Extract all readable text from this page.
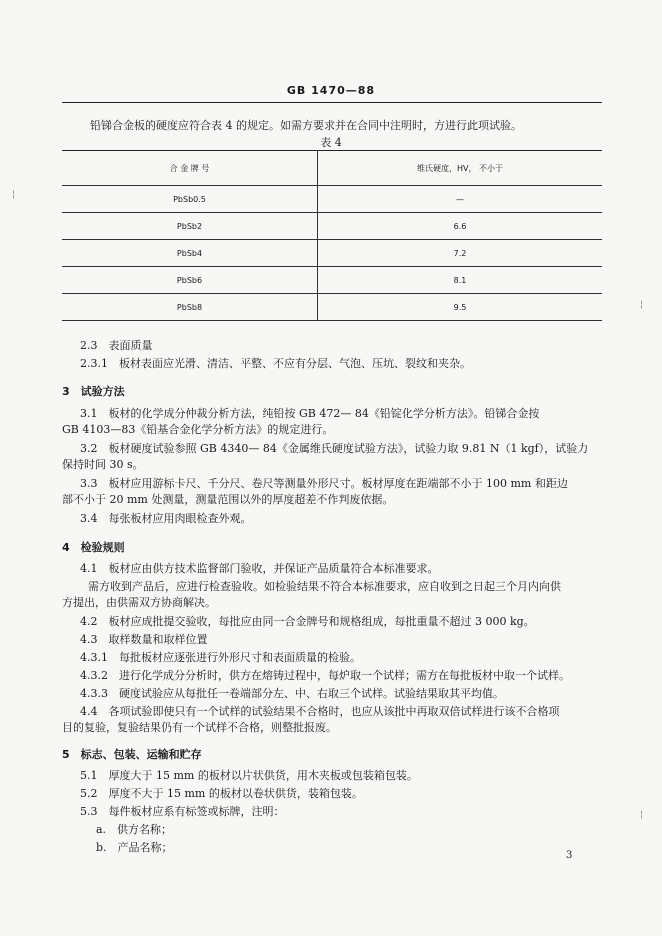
GB 1470—88
铅锑合金板的硬度应符合表 4 的规定。如需方要求并在合同中注明时，方进行此项试验。
表 4
合 金 牌 号	维氏硬度，HV， 不小于
PbSb0.5	—
PbSb2	6.6
PbSb4	7.2
PbSb6	8.1
PbSb8	9.5
2.3　表面质量
2.3.1　板材表面应光滑、清洁、平整、不应有分层、气泡、压坑、裂纹和夹杂。
3　试验方法
3.1　板材的化学成分仲裁分析方法，纯铅按 GB 472— 84《铅锭化学分析方法》。铅锑合金按
GB 4103—83《铅基合金化学分析方法》的规定进行。
3.2　板材硬度试验参照 GB 4340— 84《金属维氏硬度试验方法》，试验力取 9.81 N（1 kgf），试验力
保持时间 30 s。
3.3　板材应用游标卡尺、千分尺、卷尺等测量外形尺寸。板材厚度在距端部不小于 100 mm 和距边
部不小于 20 mm 处测量，测量范围以外的厚度超差不作判废依据。
3.4　每张板材应用肉眼检查外观。
4　检验规则
4.1　板材应由供方技术监督部门验收，并保证产品质量符合本标准要求。
需方收到产品后，应进行检查验收。如检验结果不符合本标准要求，应自收到之日起三个月内向供
方提出，由供需双方协商解决。
4.2　板材应成批提交验收，每批应由同一合金牌号和规格组成，每批重量不超过 3 000 kg。
4.3　取样数量和取样位置
4.3.1　每批板材应逐张进行外形尺寸和表面质量的检验。
4.3.2　进行化学成分分析时，供方在熔铸过程中，每炉取一个试样；需方在每批板材中取一个试样。
4.3.3　硬度试验应从每批任一卷端部分左、中、右取三个试样。试验结果取其平均值。
4.4　各项试验即使只有一个试样的试验结果不合格时，也应从该批中再取双倍试样进行该不合格项
目的复验，复验结果仍有一个试样不合格，则整批报废。
5　标志、包装、运输和贮存
5.1　厚度大于 15 mm 的板材以片状供货，用木夹板或包装箱包装。
5.2　厚度不大于 15 mm 的板材以卷状供货，装箱包装。
5.3　每件板材应系有标签或标牌，注明：
a.　供方名称；
b.　产品名称；
3
¦
¦
¦
